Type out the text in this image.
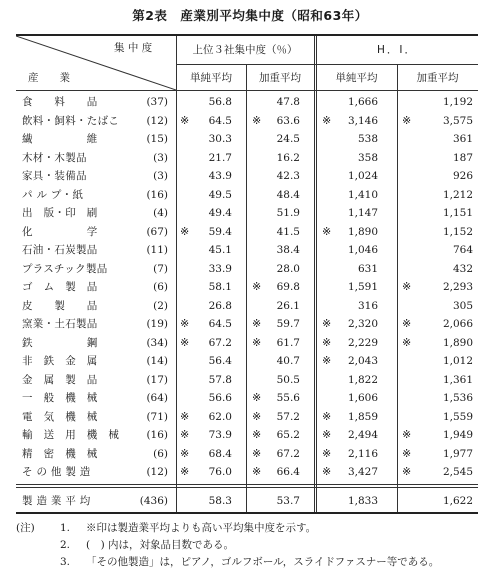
第2表　産業別平均集中度（昭和63年）
集 中 度
産　　業
上位３社集中度（％）	H．I．
単純平均	加重平均	単純平均	加重平均
食　　料　　品	(37)	56.8	47.8	1,666	1,192
飲料・飼料・たばこ	(12) ※	64.5 ※	63.6 ※	3,146 ※	3,575
繊　　　　　維	(15)	30.3	24.5	538	361
木材・木製品	(3)	21.7	16.2	358	187
家具・装備品	(3)	43.9	42.3	1,024	926
パ ル プ・紙	(16)	49.5	48.4	1,410	1,212
出　版・印　刷	(4)	49.4	51.9	1,147	1,151
化　　　　　学	(67) ※	59.4	41.5 ※	1,890	1,152
石油・石炭製品	(11)	45.1	38.4	1,046	764
プラスチック製品	(7)	33.9	28.0	631	432
ゴ　ム　製　品	(6)	58.1 ※	69.8	1,591 ※	2,293
皮　　製　　品	(2)	26.8	26.1	316	305
窯業・土石製品	(19) ※	64.5 ※	59.7 ※	2,320 ※	2,066
鉄　　　　　鋼	(34) ※	67.2 ※	61.7 ※	2,229 ※	1,890
非　鉄　金　属	(14)	56.4	40.7 ※	2,043	1,012
金　属　製　品	(17)	57.8	50.5	1,822	1,361
一　般　機　械	(64)	56.6 ※	55.6	1,606	1,536
電　気　機　械	(71) ※	62.0 ※	57.2 ※	1,859	1,559
輸　送　用　機　械	(16) ※	73.9 ※	65.2 ※	2,494 ※	1,949
精　密　機　械	(6) ※	68.4 ※	67.2 ※	2,116 ※	1,977
そ の 他 製 造	(12) ※	76.0 ※	66.4 ※	3,427 ※	2,545
製 造 業 平 均	(436)	58.3	53.7	1,833	1,622
(注) 1. ※印は製造業平均よりも高い平均集中度を示す。
2. (　) 内は，対象品目数である。
3. 「その他製造」は，ピアノ，ゴルフボール，スライドファスナー等である。
